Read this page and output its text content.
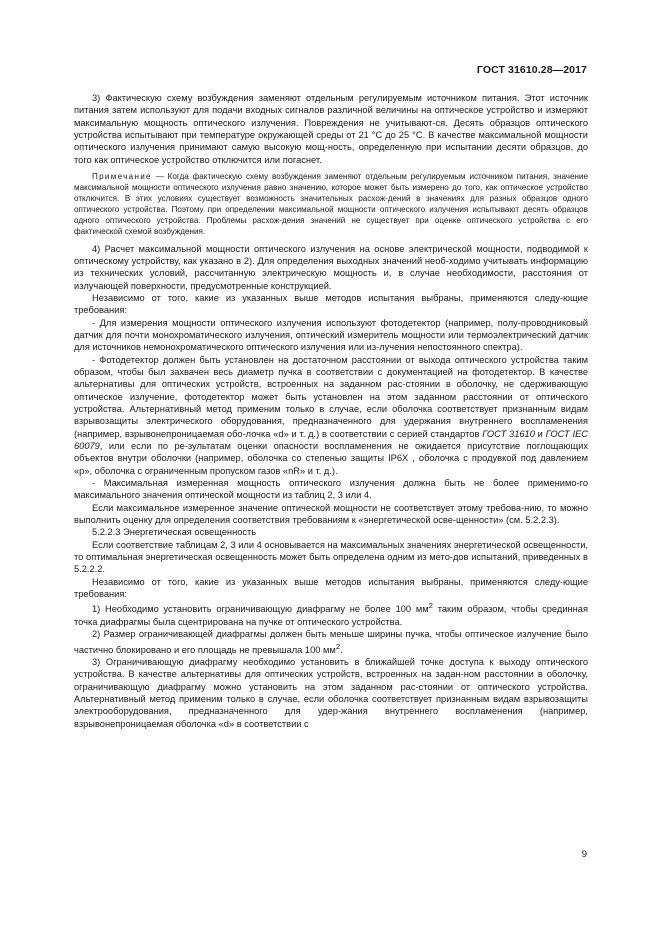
ГОСТ 31610.28—2017

3) Фактическую схему возбуждения заменяют отдельным регулируемым источником питания. Этот источник питания затем используют для подачи входных сигналов различной величины на оптическое устройство и измеряют максимальную мощность оптического излучения. Повреждения не учитывают-ся. Десять образцов оптического устройства испытывают при температуре окружающей среды от 21 °С до 25 °С. В качестве максимальной мощности оптического излучения принимают самую высокую мощ-ность, определенную при испытании десяти образцов, до того как оптическое устройство отключится или погаснет.

Примечание — Когда фактическую схему возбуждения заменяют отдельным регулируемым источником питания, значение максимальной мощности оптического излучения равно значению, которое может быть измерено до того, как оптическое устройство отключится. В этих условиях существует возможность значительных расхож-дений в значениях для разных образцов одного оптического устройства. Поэтому при определении максимальной мощности оптического излучения испытывают десять образцов одного оптического устройства. Проблемы расхож-дения значений не существует при оценке оптического устройства с его фактической схемой возбуждения.

4) Расчет максимальной мощности оптического излучения на основе электрической мощности, подводимой к оптическому устройству, как указано в 2). Для определения выходных значений необ-ходимо учитывать информацию из технических условий, рассчитанную электрическую мощность и, в случае необходимости, расстояния от излучающей поверхности, предусмотренные конструкцией.

Независимо от того, какие из указанных выше методов испытания выбраны, применяются следу-ющие требования:

- Для измерения мощности оптического излучения используют фотодетектор (например, полу-проводниковый датчик для почти монохроматического излучения, оптический измеритель мощности или термоэлектрический датчик для источников немонохроматического оптического излучения или из-лучения непостоянного спектра).

- Фотодетектор должен быть установлен на достаточном расстоянии от выхода оптического устройства таким образом, чтобы был захвачен весь диаметр пучка в соответствии с документацией на фотодетектор. В качестве альтернативы для оптических устройств, встроенных на заданном рас-стоянии в оболочку, не сдерживающую оптическое излучение, фотодетектор может быть установлен на этом заданном расстоянии от оптического устройства. Альтернативный метод применим только в случае, если оболочка соответствует признанным видам взрывозащиты электрического оборудования, предназначенного для удержания внутреннего воспламенения (например, взрывонепроницаемая обо-лочка «d» и т. д.) в соответствии с серией стандартов ГОСТ 31610 и ГОСТ IEC 60079, или если по ре-зультатам оценки опасности воспламенения не ожидается присутствие поглощающих объектов внутри оболочки (например, оболочка со степенью защиты IP6X , оболочка с продувкой под давлением «р», оболочка с ограниченным пропуском газов «nR» и т. д.).

- Максимальная измеренная мощность оптического излучения должна быть не более применимо-го максимального значения оптической мощности из таблиц 2, 3 или 4.

Если максимальное измеренное значение оптической мощности не соответствует этому требова-нию, то можно выполнить оценку для определения соответствия требованиям к «энергетической осве-щенности» (см. 5.2.2.3).

5.2.2.3 Энергетическая освещенность

Если соответствие таблицам 2, 3 или 4 основывается на максимальных значениях энергетической освещенности, то оптимальная энергетическая освещенность может быть определена одним из мето-дов испытаний, приведенных в 5.2.2.2.

Независимо от того, какие из указанных выше методов испытания выбраны, применяются следу-ющие требования:

1) Необходимо установить ограничивающую диафрагму не более 100 $мм^2$ таким образом, чтобы срединная точка диафрагмы была сцентрирована на пучке от оптического устройства.

2) Размер ограничивающей диафрагмы должен быть меньше ширины пучка, чтобы оптическое излучение было частично блокировано и его площадь не превышала 100 $мм^2$.

3) Ограничивающую диафрагму необходимо установить в ближайшей точке доступа к выходу оптического устройства. В качестве альтернативы для оптических устройств, встроенных на задан-ном расстоянии в оболочку, ограничивающую диафрагму можно установить на этом заданном рас-стоянии от оптического устройства. Альтернативный метод применим только в случае, если оболочка соответствует признанным видам взрывозащиты электрооборудования, предназначенного для удер-жания внутреннего воспламенения (например, взрывонепроницаемая оболочка «d» в соответствии с

9
